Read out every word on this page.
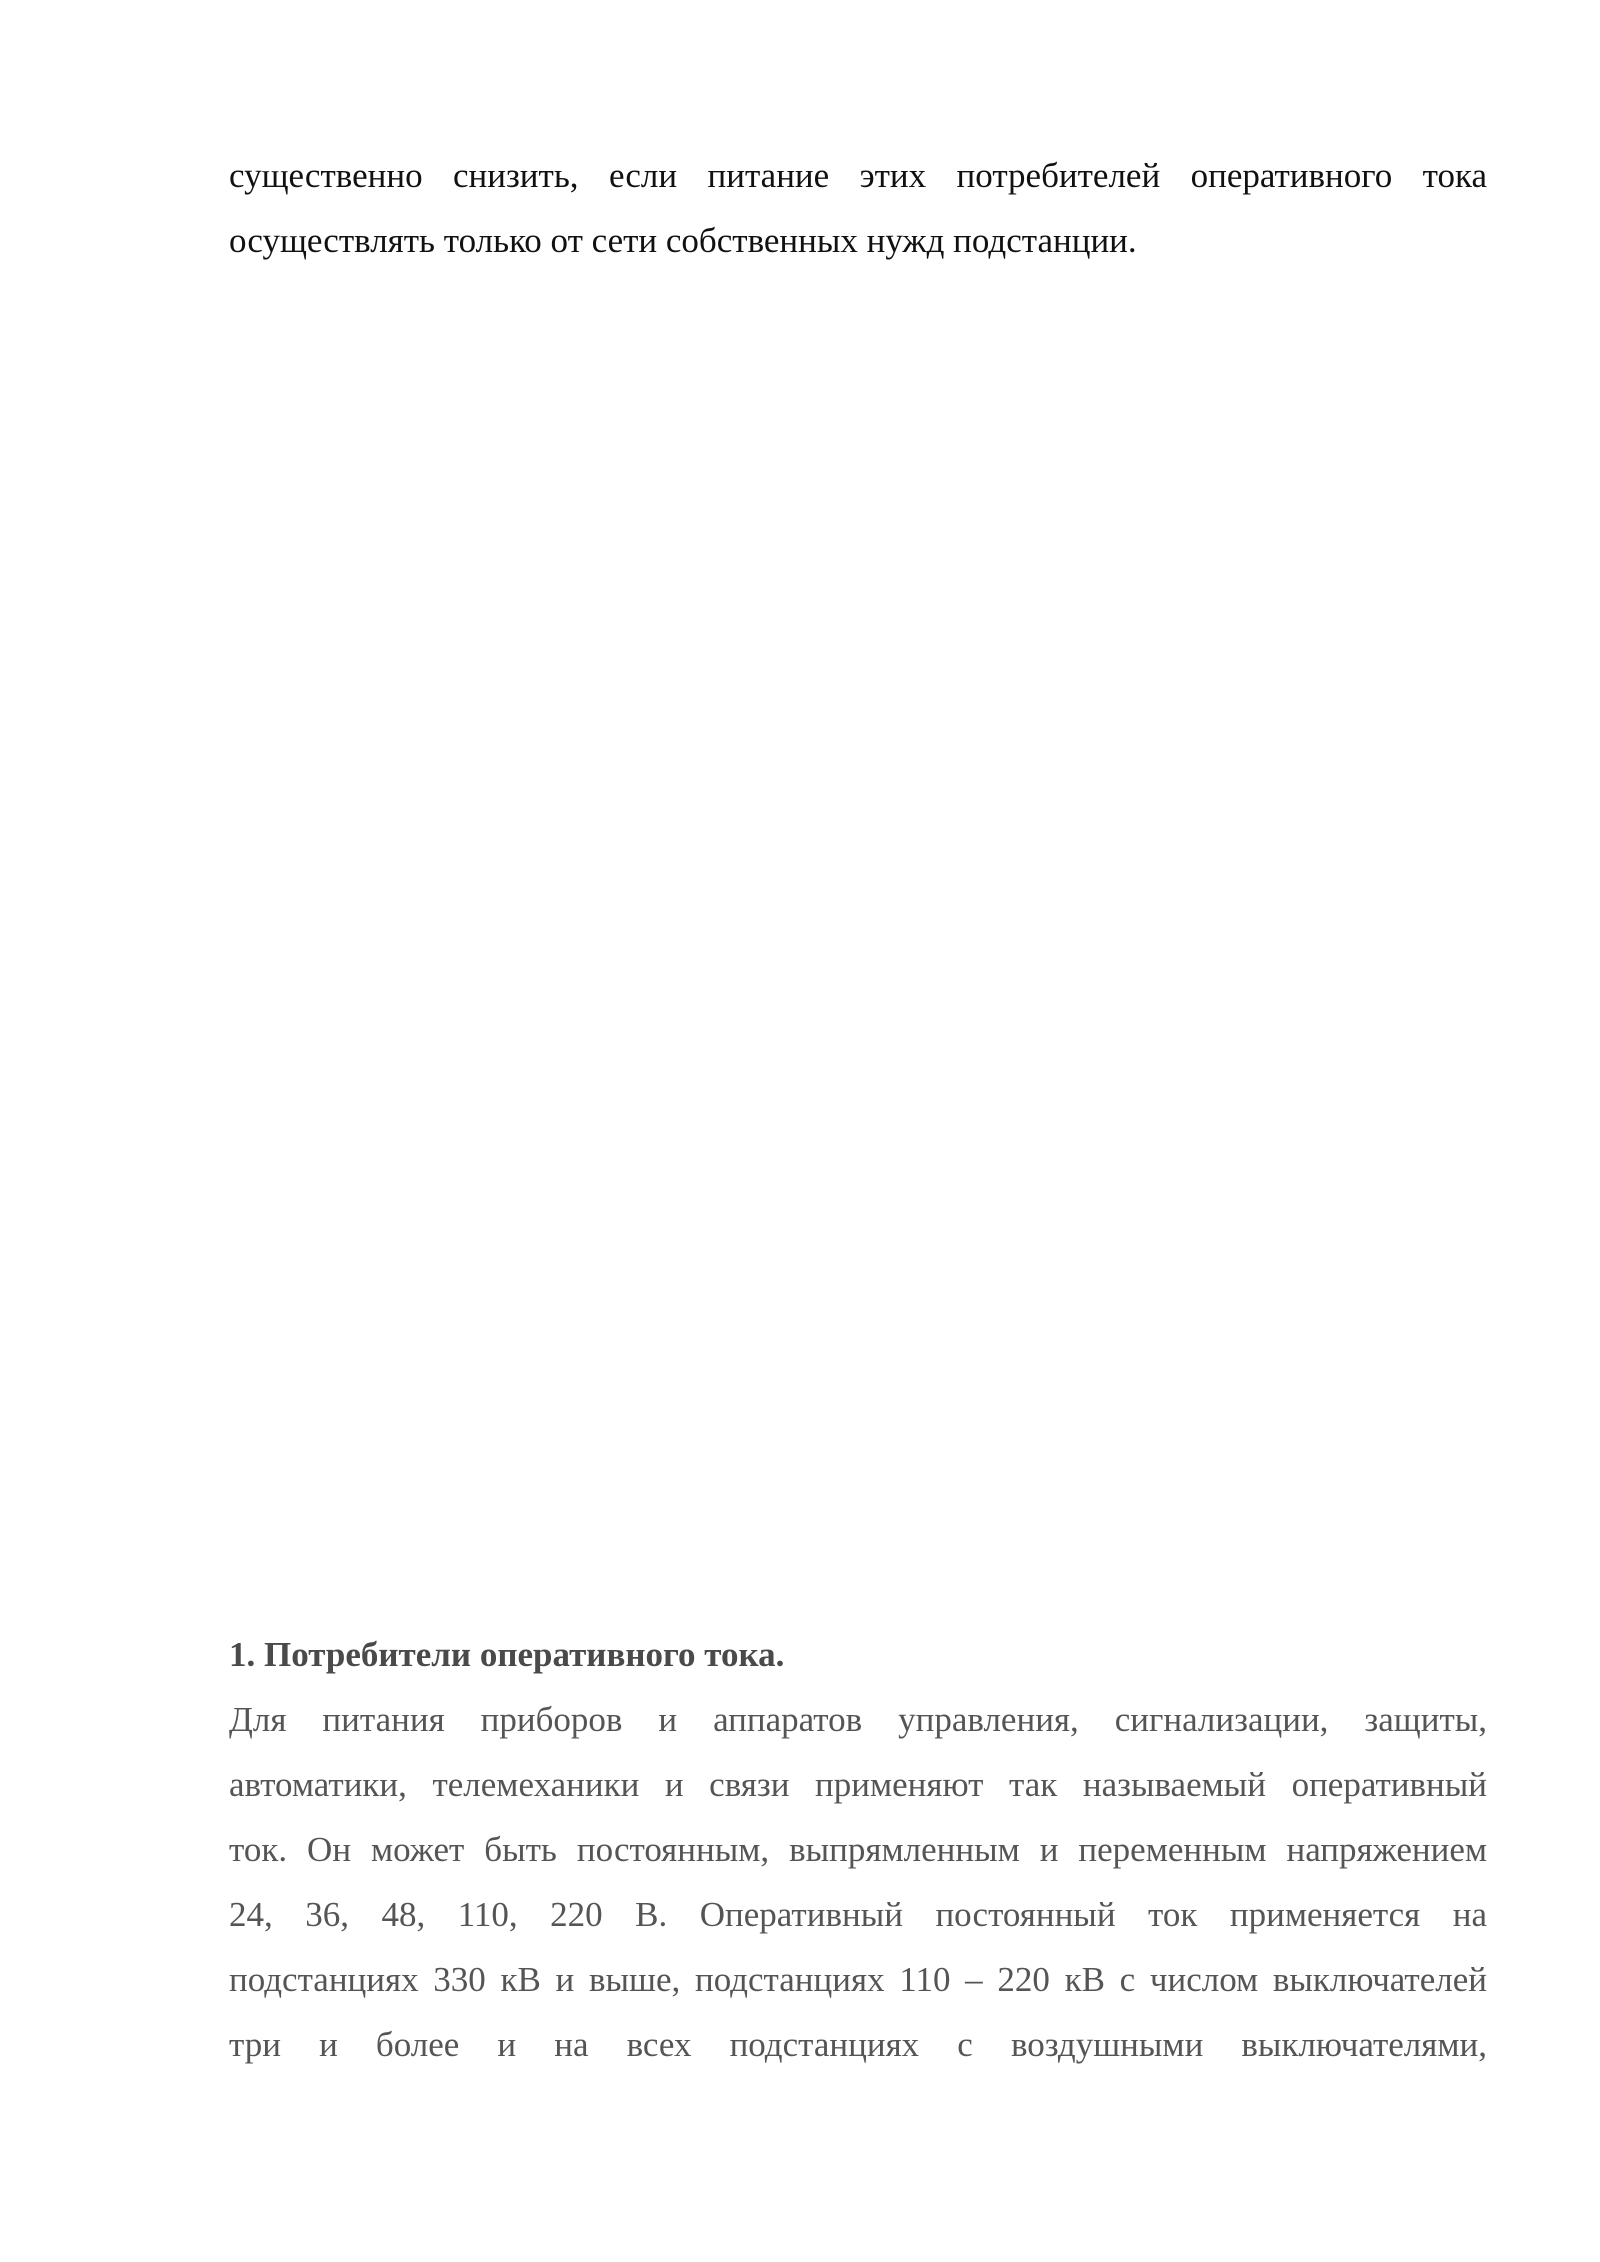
существенно снизить, если питание этих потребителей оперативного тока
осуществлять только от сети собственных нужд подстанции.
1. Потребители оперативного тока.
Для питания приборов и аппаратов управления, сигнализации, защиты,
автоматики, телемеханики и связи применяют так называемый оперативный
ток. Он может быть постоянным, выпрямленным и переменным напряжением
24, 36, 48, 110, 220 В. Оперативный постоянный ток применяется на
подстанциях 330 кВ и выше, подстанциях 110 – 220 кВ с числом выключателей
три и более и на всех подстанциях с воздушными выключателями,
